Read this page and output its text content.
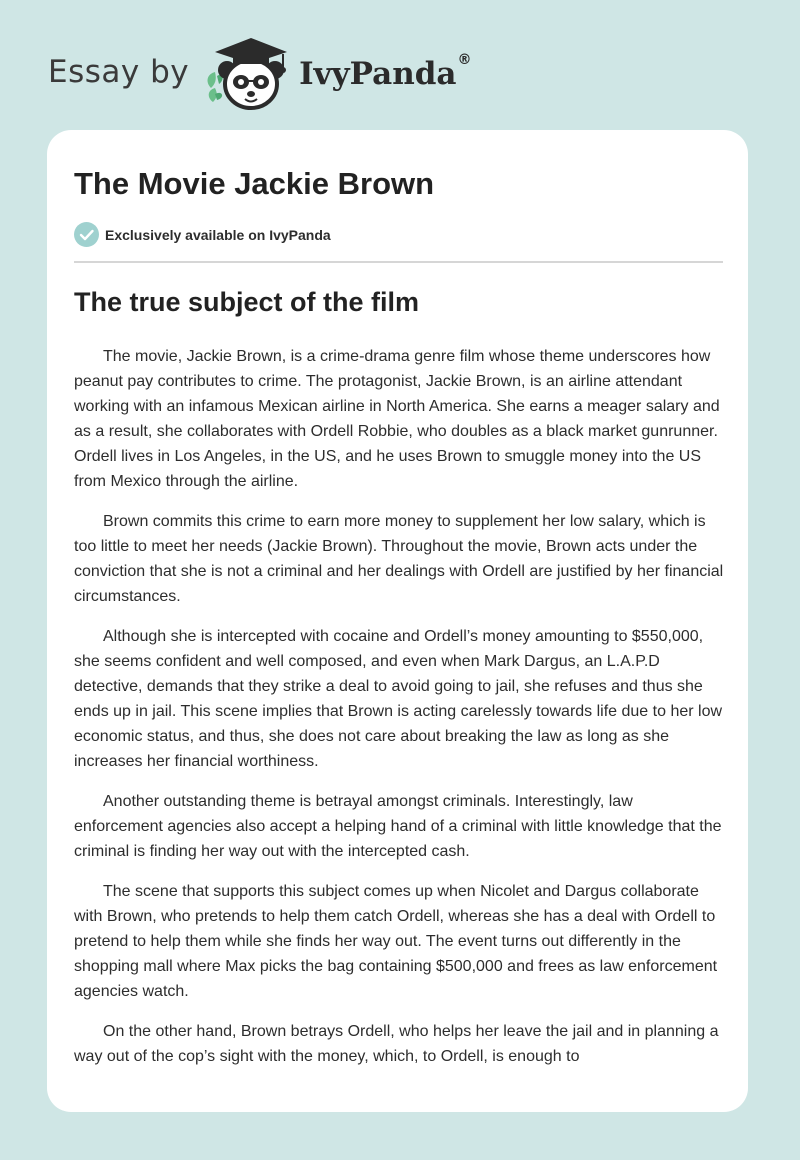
Essay by	IvyPanda®
The Movie Jackie Brown
Exclusively available on IvyPanda
The true subject of the film

The movie, Jackie Brown, is a crime-drama genre film whose theme underscores how peanut pay contributes to crime. The protagonist, Jackie Brown, is an airline attendant working with an infamous Mexican airline in North America. She earns a meager salary and as a result, she collaborates with Ordell Robbie, who doubles as a black market gunrunner. Ordell lives in Los Angeles, in the US, and he uses Brown to smuggle money into the US from Mexico through the airline.

Brown commits this crime to earn more money to supplement her low salary, which is too little to meet her needs (Jackie Brown). Throughout the movie, Brown acts under the conviction that she is not a criminal and her dealings with Ordell are justified by her financial circumstances.

Although she is intercepted with cocaine and Ordell’s money amounting to $550,000, she seems confident and well composed, and even when Mark Dargus, an L.A.P.D detective, demands that they strike a deal to avoid going to jail, she refuses and thus she ends up in jail. This scene implies that Brown is acting carelessly towards life due to her low economic status, and thus, she does not care about breaking the law as long as she increases her financial worthiness.

Another outstanding theme is betrayal amongst criminals. Interestingly, law enforcement agencies also accept a helping hand of a criminal with little knowledge that the criminal is finding her way out with the intercepted cash.

The scene that supports this subject comes up when Nicolet and Dargus collaborate with Brown, who pretends to help them catch Ordell, whereas she has a deal with Ordell to pretend to help them while she finds her way out. The event turns out differently in the shopping mall where Max picks the bag containing $500,000 and frees as law enforcement agencies watch.

On the other hand, Brown betrays Ordell, who helps her leave the jail and in planning a way out of the cop’s sight with the money, which, to Ordell, is enough to
